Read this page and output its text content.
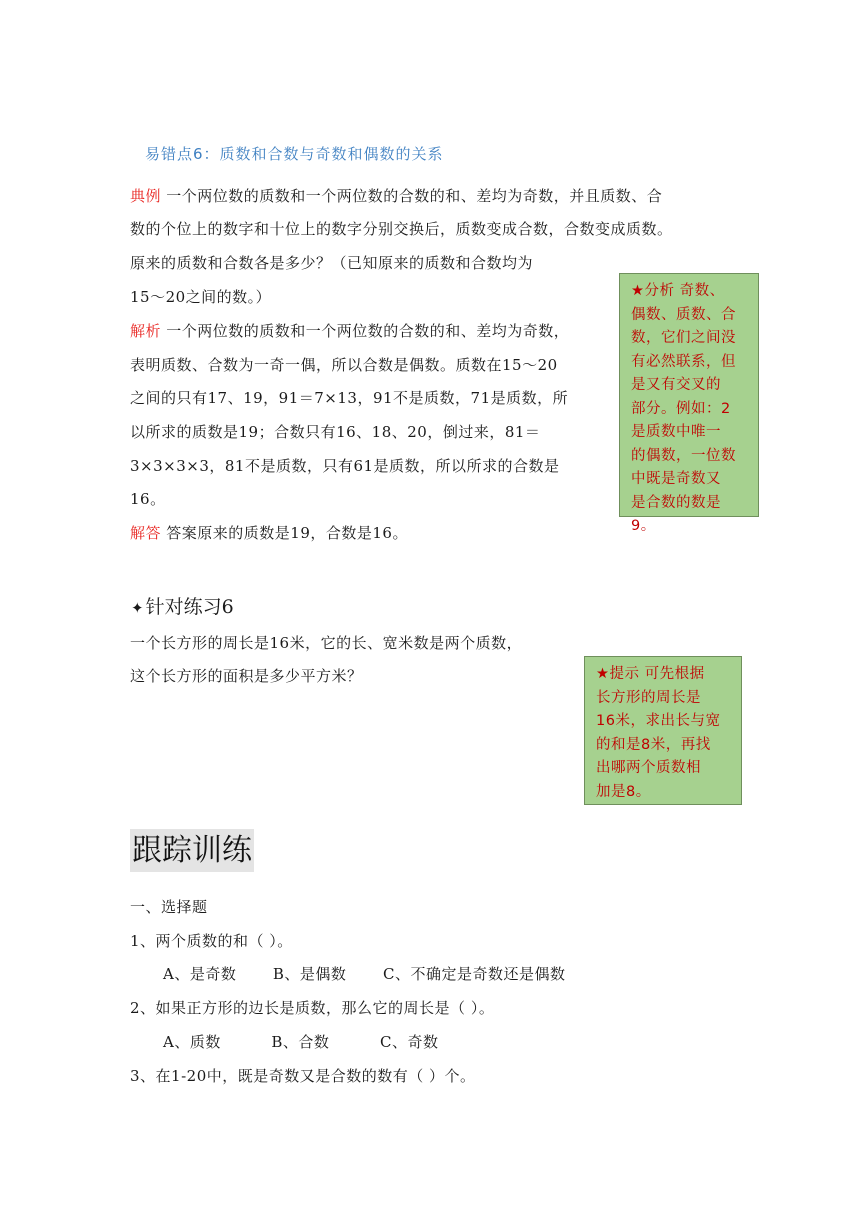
易错点6：质数和合数与奇数和偶数的关系
典例 一个两位数的质数和一个两位数的合数的和、差均为奇数，并且质数、合
数的个位上的数字和十位上的数字分别交换后，质数变成合数，合数变成质数。
原来的质数和合数各是多少？（已知原来的质数和合数均为
15～20之间的数。）
解析 一个两位数的质数和一个两位数的合数的和、差均为奇数，
表明质数、合数为一奇一偶，所以合数是偶数。质数在15～20
之间的只有17、19，91＝7×13，91不是质数，71是质数，所
以所求的质数是19；合数只有16、18、20，倒过来，81＝
3×3×3×3，81不是质数，只有61是质数，所以所求的合数是
16。
解答 答案原来的质数是19，合数是16。

★分析 奇数、

偶数、质数、合

数，它们之间没

有必然联系，但

是又有交叉的

部分。例如：2

是质数中唯一

的偶数，一位数

中既是奇数又

是合数的数是

9。

✦ 针对练习6
一个长方形的周长是16米，它的长、宽米数是两个质数，
这个长方形的面积是多少平方米？	★提示 可先根据

长方形的周长是

16米，求出长与宽

的和是8米，再找

出哪两个质数相

加是8。

跟踪训练
一、选择题
1、两个质数的和（ ）。
A、是奇数 B、是偶数 C、不确定是奇数还是偶数
2、如果正方形的边长是质数，那么它的周长是（ ）。
A、质数	B、合数	C、奇数
3、在1-20中，既是奇数又是合数的数有（ ）个。
